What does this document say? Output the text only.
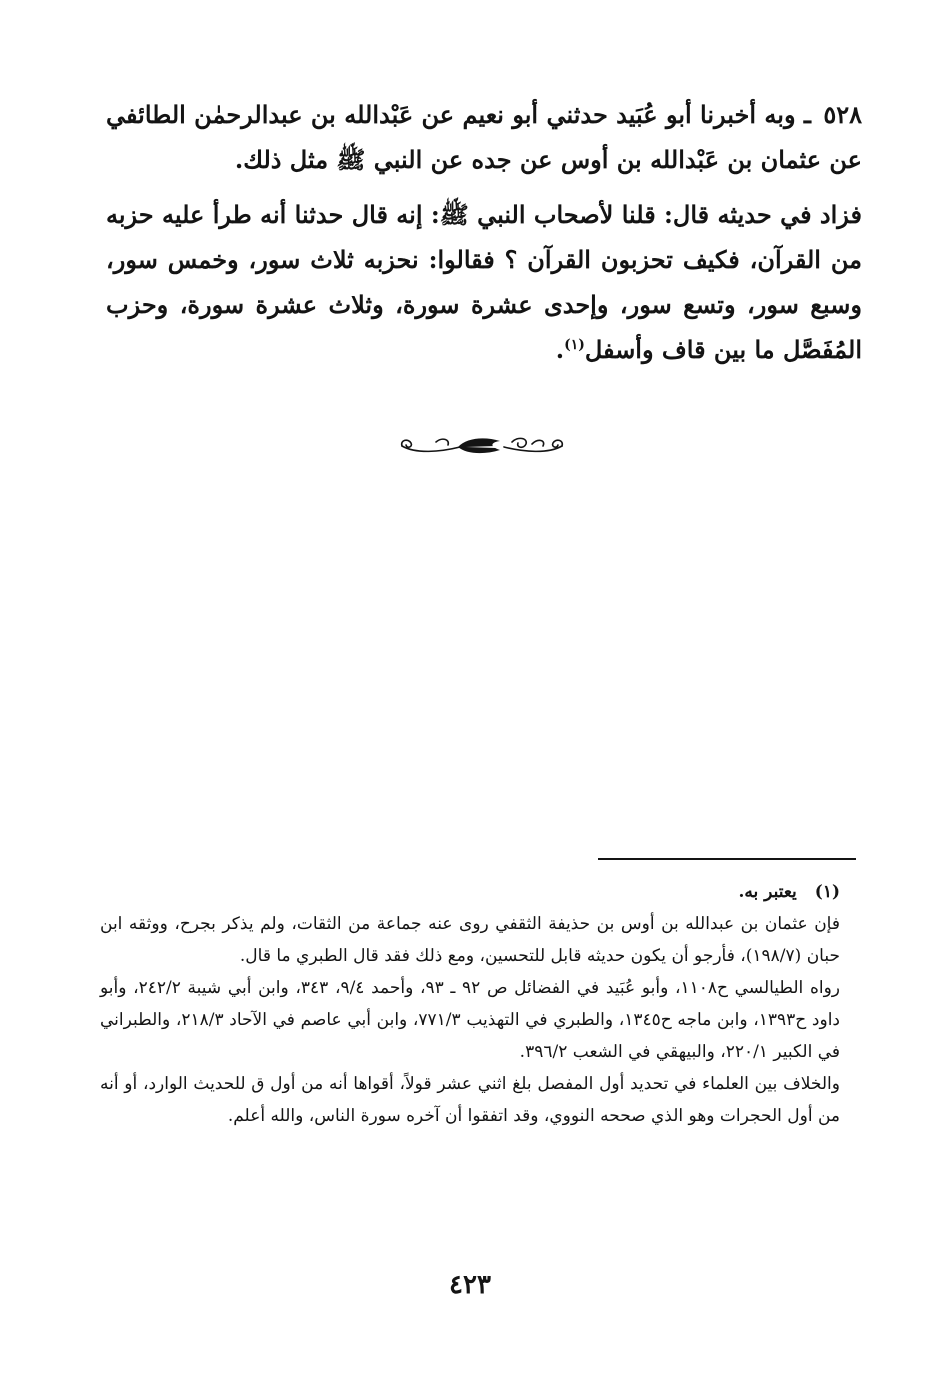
٥٢٨ ـ وبه أخبرنا أبو عُبَيد حدثني أبو نعيم عن عَبْدالله بن عبدالرحمٰن الطائفي عن عثمان بن عَبْدالله بن أوس عن جده عن النبي ﷺ مثل ذلك.

فزاد في حديثه قال: قلنا لأصحاب النبي ﷺ: إنه قال حدثنا أنه طرأ عليه حزبه من القرآن، فكيف تحزبون القرآن ؟ فقالوا: نحزبه ثلاث سور، وخمس سور، وسبع سور، وتسع سور، وإحدى عشرة سورة، وثلاث عشرة سورة، وحزب المُفَصَّل ما بين قاف وأسفل$^{(١)}$.

(١)يعتبر به.

فإن عثمان بن عبدالله بن أوس بن حذيفة الثقفي روى عنه جماعة من الثقات، ولم يذكر بجرح، ووثقه ابن حبان (١٩٨/٧)، فأرجو أن يكون حديثه قابل للتحسين، ومع ذلك فقد قال الطبري ما قال.

رواه الطيالسي ح١١٠٨، وأبو عُبَيد في الفضائل ص ٩٢ ـ ٩٣، وأحمد ٩/٤، ٣٤٣، وابن أبي شيبة ٢٤٢/٢، وأبو داود ح١٣٩٣، وابن ماجه ح١٣٤٥، والطبري في التهذيب ٧٧١/٣، وابن أبي عاصم في الآحاد ٢١٨/٣، والطبراني في الكبير ٢٢٠/١، والبيهقي في الشعب ٣٩٦/٢.

والخلاف بين العلماء في تحديد أول المفصل بلغ اثني عشر قولاً، أقواها أنه من أول ق للحديث الوارد، أو أنه من أول الحجرات وهو الذي صححه النووي، وقد اتفقوا أن آخره سورة الناس، والله أعلم.

٤٢٣
